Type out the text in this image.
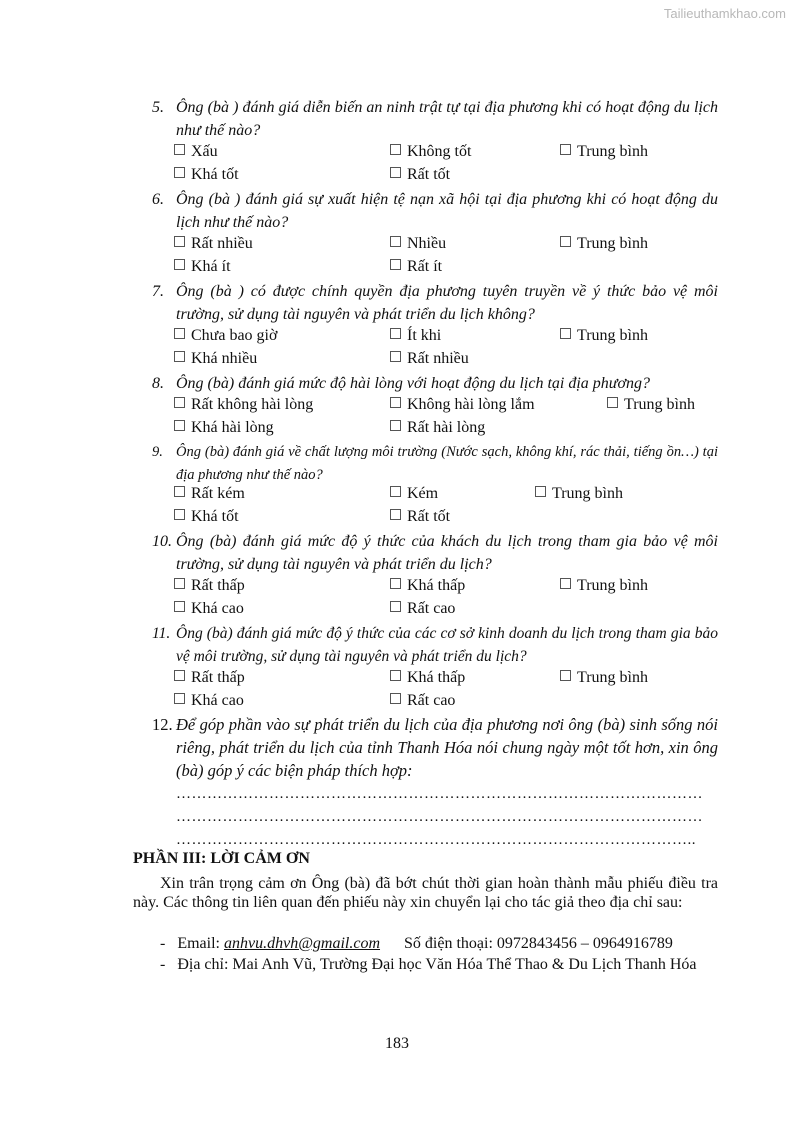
Tailieuthamkhao.com
5. Ông (bà ) đánh giá diễn biến an ninh trật tự tại địa phương khi có hoạt động du lịch như thế nào?
Xấu	Không tốt	Trung bình
Khá tốt	Rất tốt
6. Ông (bà ) đánh giá sự xuất hiện tệ nạn xã hội tại địa phương khi có hoạt động du lịch như thế nào?
Rất nhiều	Nhiều	Trung bình
Khá ít	Rất ít
7. Ông (bà ) có được chính quyền địa phương tuyên truyền về ý thức bảo vệ môi trường, sử dụng tài nguyên và phát triển du lịch không?
Chưa bao giờ	Ít khi	Trung bình
Khá nhiều	Rất nhiều
8. Ông (bà) đánh giá mức độ hài lòng với hoạt động du lịch tại địa phương?
Rất không hài lòng	Không hài lòng lắm	Trung bình
Khá hài lòng	Rất hài lòng
9. Ông (bà) đánh giá về chất lượng môi trường (Nước sạch, không khí, rác thải, tiếng ồn…) tại địa phương như thế nào?
Rất kém	Kém	Trung bình
Khá tốt	Rất tốt
10. Ông (bà) đánh giá mức độ ý thức của khách du lịch trong tham gia bảo vệ môi trường, sử dụng tài nguyên và phát triển du lịch?
Rất thấp	Khá thấp	Trung bình
Khá cao	Rất cao
11. Ông (bà) đánh giá mức độ ý thức của các cơ sở kinh doanh du lịch trong tham gia bảo vệ môi trường, sử dụng tài nguyên và phát triển du lịch?
Rất thấp	Khá thấp	Trung bình
Khá cao	Rất cao
12. Để góp phần vào sự phát triển du lịch của địa phương nơi ông (bà) sinh sống nói riêng, phát triển du lịch của tỉnh Thanh Hóa nói chung ngày một tốt hơn, xin ông (bà) góp ý các biện pháp thích hợp:
…………………………………………………………………………………………
…………………………………………………………………………………………
………………………………………………………………………………………..
PHẦN III: LỜI CẢM ƠN
Xin trân trọng cảm ơn Ông (bà) đã bớt chút thời gian hoàn thành mẫu phiếu điều tra này. Các thông tin liên quan đến phiếu này xin chuyển lại cho tác giả theo địa chỉ sau:
-   Email: anhvu.dhvh@gmail.com Số điện thoại: 0972843456 – 0964916789
-   Địa chỉ: Mai Anh Vũ, Trường Đại học Văn Hóa Thể Thao & Du Lịch Thanh Hóa
183
